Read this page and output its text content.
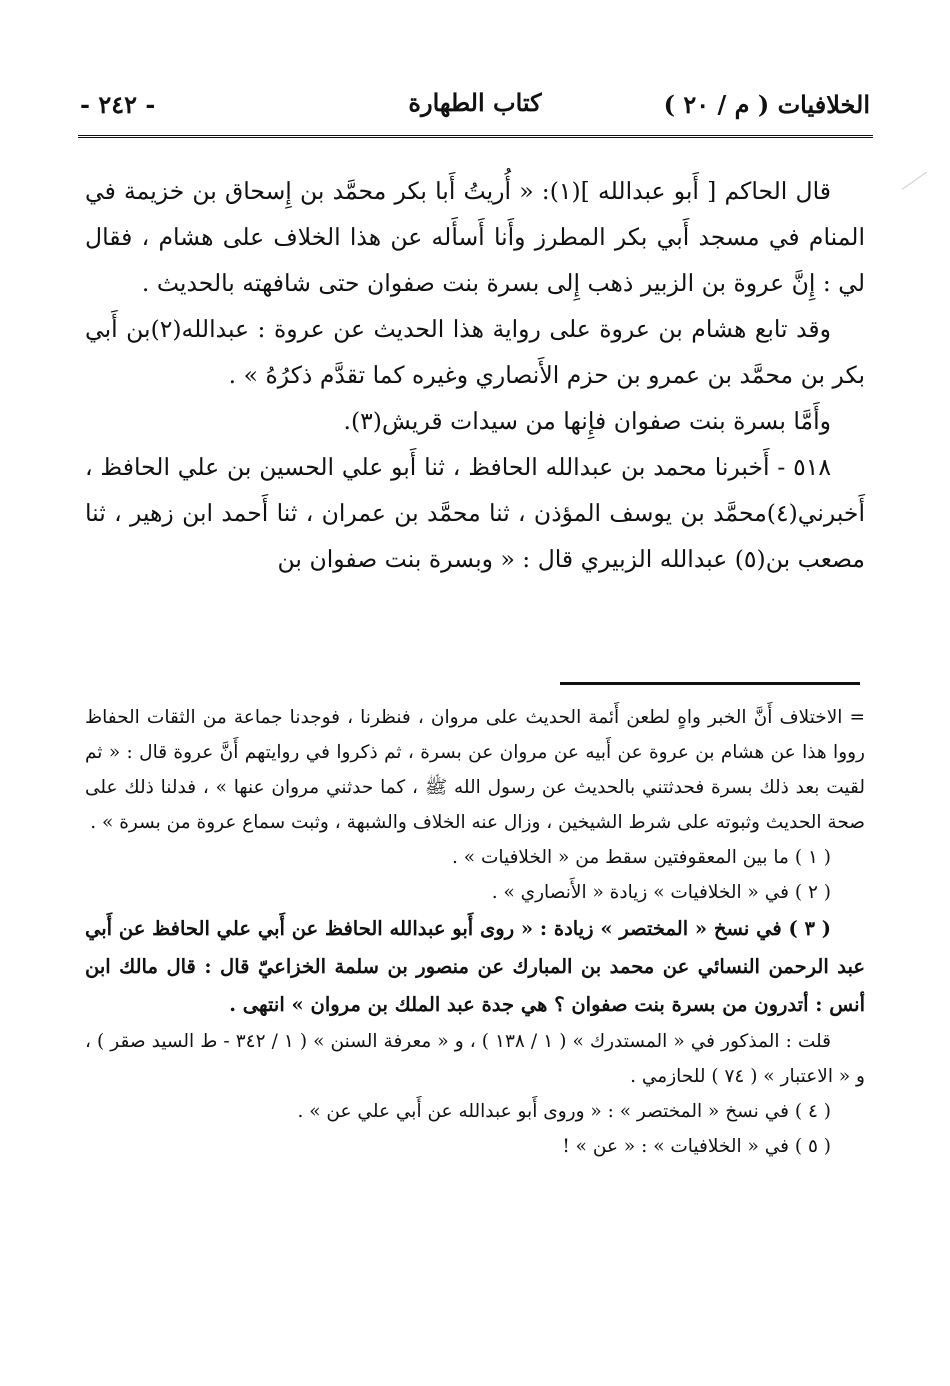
الخلافيات ( م / ٢٠ )
كتاب الطهارة
- ٢٤٢ -

قال الحاكم [ أَبو عبدالله ](١): « أُريتُ أَبا بكر محمَّد بن إِسحاق بن خزيمة في المنام في مسجد أَبي بكر المطرز وأَنا أَسأَله عن هذا الخلاف على هشام ، فقال لي : إِنَّ عروة بن الزبير ذهب إِلى بسرة بنت صفوان حتى شافهته بالحديث .

وقد تابع هشام بن عروة على رواية هذا الحديث عن عروة : عبدالله(٢)بن أَبي بكر بن محمَّد بن عمرو بن حزم الأَنصاري وغيره كما تقدَّم ذكرُهُ » .

وأَمَّا بسرة بنت صفوان فإِنها من سيدات قريش(٣).

٥١٨ - أَخبرنا محمد بن عبدالله الحافظ ، ثنا أَبو علي الحسين بن علي الحافظ ، أَخبرني(٤)محمَّد بن يوسف المؤذن ، ثنا محمَّد بن عمران ، ثنا أَحمد ابن زهير ، ثنا مصعب بن(٥) عبدالله الزبيري قال : « وبسرة بنت صفوان بن

= الاختلاف أَنَّ الخبر واهٍ لطعن أَئمة الحديث على مروان ، فنظرنا ، فوجدنا جماعة من الثقات الحفاظ رووا هذا عن هشام بن عروة عن أَبيه عن مروان عن بسرة ، ثم ذكروا في روايتهم أَنَّ عروة قال : « ثم لقيت بعد ذلك بسرة فحدثتني بالحديث عن رسول الله ﷺ ، كما حدثني مروان عنها » ، فدلنا ذلك على صحة الحديث وثبوته على شرط الشيخين ، وزال عنه الخلاف والشبهة ، وثبت سماع عروة من بسرة » .

( ١ ) ما بين المعقوفتين سقط من « الخلافيات » .

( ٢ ) في « الخلافيات » زيادة « الأَنصاري » .

( ٣ ) في نسخ « المختصر » زيادة : « روى أَبو عبدالله الحافظ عن أَبي علي الحافظ عن أَبي عبد الرحمن النسائي عن محمد بن المبارك عن منصور بن سلمة الخزاعيّ قال : قال مالك ابن أنس : أتدرون من بسرة بنت صفوان ؟ هي جدة عبد الملك بن مروان » انتهى .

قلت : المذكور في « المستدرك » ( ١ / ١٣٨ ) ، و « معرفة السنن » ( ١ / ٣٤٢ - ط السيد صقر ) ، و « الاعتبار » ( ٧٤ ) للحازمي .

( ٤ ) في نسخ « المختصر » : « وروى أَبو عبدالله عن أَبي علي عن » .

( ٥ ) في « الخلافيات » : « عن » !
